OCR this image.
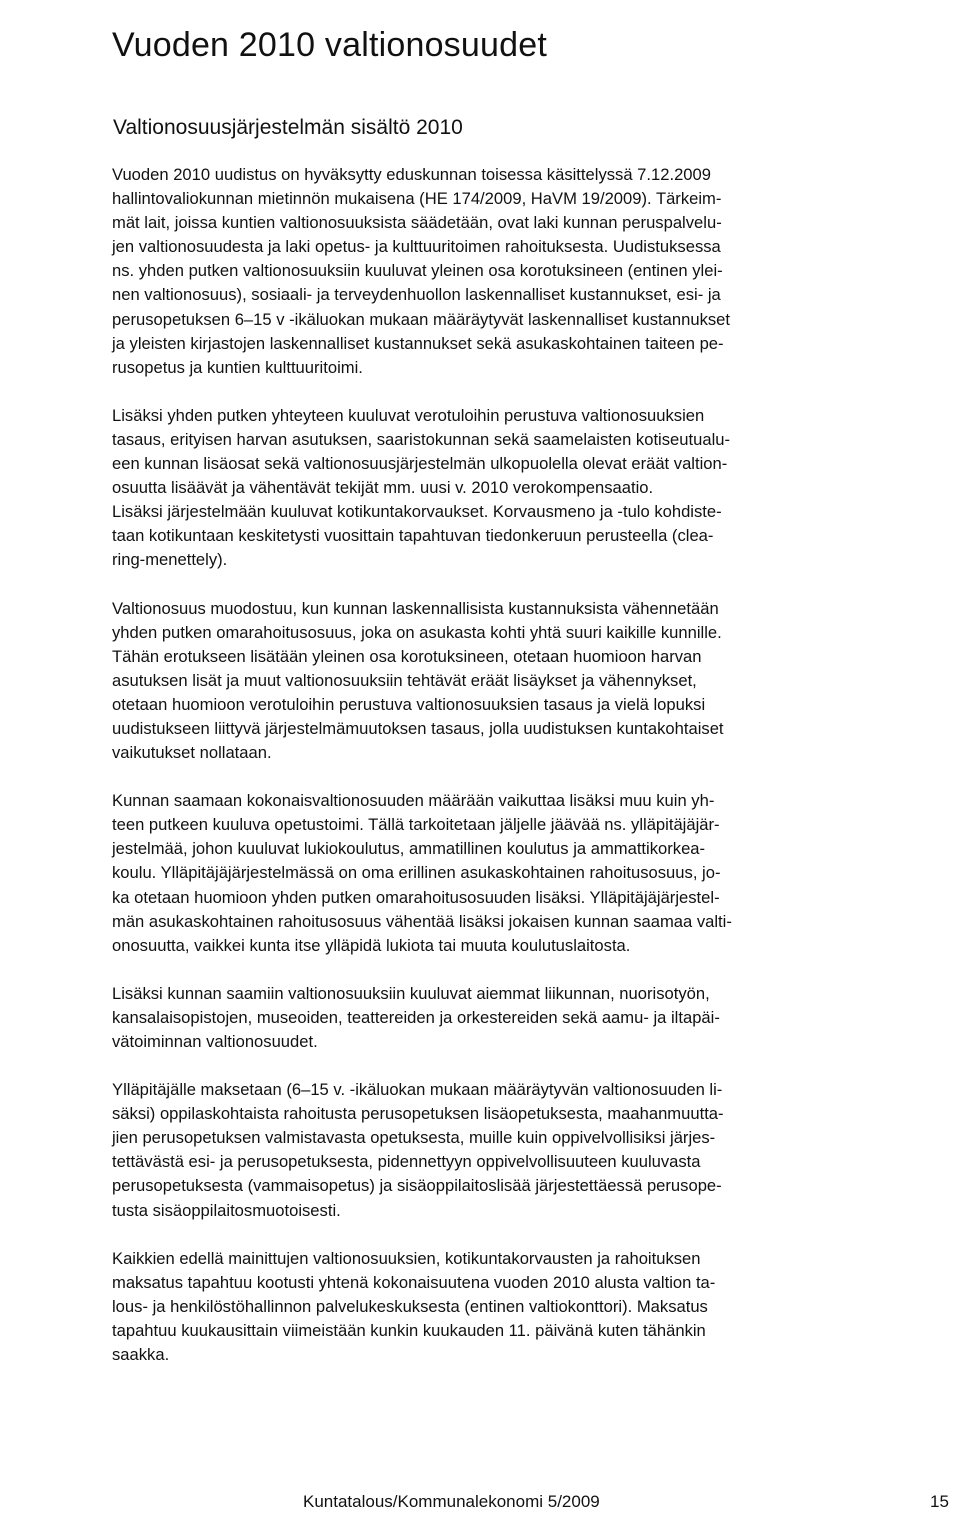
Vuoden 2010 valtionosuudet
Valtionosuusjärjestelmän sisältö 2010

Vuoden 2010 uudistus on hyväksytty eduskunnan toisessa käsittelyssä 7.12.2009
hallintovaliokunnan mietinnön mukaisena (HE 174/2009, HaVM 19/2009). Tärkeim-
mät lait, joissa kuntien valtionosuuksista säädetään, ovat laki kunnan peruspalvelu-
jen valtionosuudesta ja laki opetus- ja kulttuuritoimen rahoituksesta. Uudistuksessa
ns. yhden putken valtionosuuksiin kuuluvat yleinen osa korotuksineen (entinen ylei-
nen valtionosuus), sosiaali- ja terveydenhuollon laskennalliset kustannukset, esi- ja
perusopetuksen 6–15 v -ikäluokan mukaan määräytyvät laskennalliset kustannukset
ja yleisten kirjastojen laskennalliset kustannukset sekä asukaskohtainen taiteen pe-
rusopetus ja kuntien kulttuuritoimi.

Lisäksi yhden putken yhteyteen kuuluvat verotuloihin perustuva valtionosuuksien
tasaus, erityisen harvan asutuksen, saaristokunnan sekä saamelaisten kotiseutualu-
een kunnan lisäosat sekä valtionosuusjärjestelmän ulkopuolella olevat eräät valtion-
osuutta lisäävät ja vähentävät tekijät mm. uusi v. 2010 verokompensaatio.
Lisäksi järjestelmään kuuluvat kotikuntakorvaukset. Korvausmeno ja -tulo kohdiste-
taan kotikuntaan keskitetysti vuosittain tapahtuvan tiedonkeruun perusteella (clea-
ring-menettely).

Valtionosuus muodostuu, kun kunnan laskennallisista kustannuksista vähennetään
yhden putken omarahoitusosuus, joka on asukasta kohti yhtä suuri kaikille kunnille.
Tähän erotukseen lisätään yleinen osa korotuksineen, otetaan huomioon harvan
asutuksen lisät ja muut valtionosuuksiin tehtävät eräät lisäykset ja vähennykset,
otetaan huomioon verotuloihin perustuva valtionosuuksien tasaus ja vielä lopuksi
uudistukseen liittyvä järjestelmämuutoksen tasaus, jolla uudistuksen kuntakohtaiset
vaikutukset nollataan.

Kunnan saamaan kokonaisvaltionosuuden määrään vaikuttaa lisäksi muu kuin yh-
teen putkeen kuuluva opetustoimi. Tällä tarkoitetaan jäljelle jäävää ns. ylläpitäjäjär-
jestelmää, johon kuuluvat lukiokoulutus, ammatillinen koulutus ja ammattikorkea-
koulu. Ylläpitäjäjärjestelmässä on oma erillinen asukaskohtainen rahoitusosuus, jo-
ka otetaan huomioon yhden putken omarahoitusosuuden lisäksi. Ylläpitäjäjärjestel-
män asukaskohtainen rahoitusosuus vähentää lisäksi jokaisen kunnan saamaa valti-
onosuutta, vaikkei kunta itse ylläpidä lukiota tai muuta koulutuslaitosta.

Lisäksi kunnan saamiin valtionosuuksiin kuuluvat aiemmat liikunnan, nuorisotyön,
kansalaisopistojen, museoiden, teattereiden ja orkestereiden sekä aamu- ja iltapäi-
vätoiminnan valtionosuudet.

Ylläpitäjälle maksetaan (6–15 v. -ikäluokan mukaan määräytyvän valtionosuuden li-
säksi) oppilaskohtaista rahoitusta perusopetuksen lisäopetuksesta, maahanmuutta-
jien perusopetuksen valmistavasta opetuksesta, muille kuin oppivelvollisiksi järjes-
tettävästä esi- ja perusopetuksesta, pidennettyyn oppivelvollisuuteen kuuluvasta
perusopetuksesta (vammaisopetus) ja sisäoppilaitoslisää järjestettäessä perusope-
tusta sisäoppilaitosmuotoisesti.

Kaikkien edellä mainittujen valtionosuuksien, kotikuntakorvausten ja rahoituksen
maksatus tapahtuu kootusti yhtenä kokonaisuutena vuoden 2010 alusta valtion ta-
lous- ja henkilöstöhallinnon palvelukeskuksesta (entinen valtiokonttori). Maksatus
tapahtuu kuukausittain viimeistään kunkin kuukauden 11. päivänä kuten tähänkin
saakka.

Kuntatalous/Kommunalekonomi 5/2009	15
